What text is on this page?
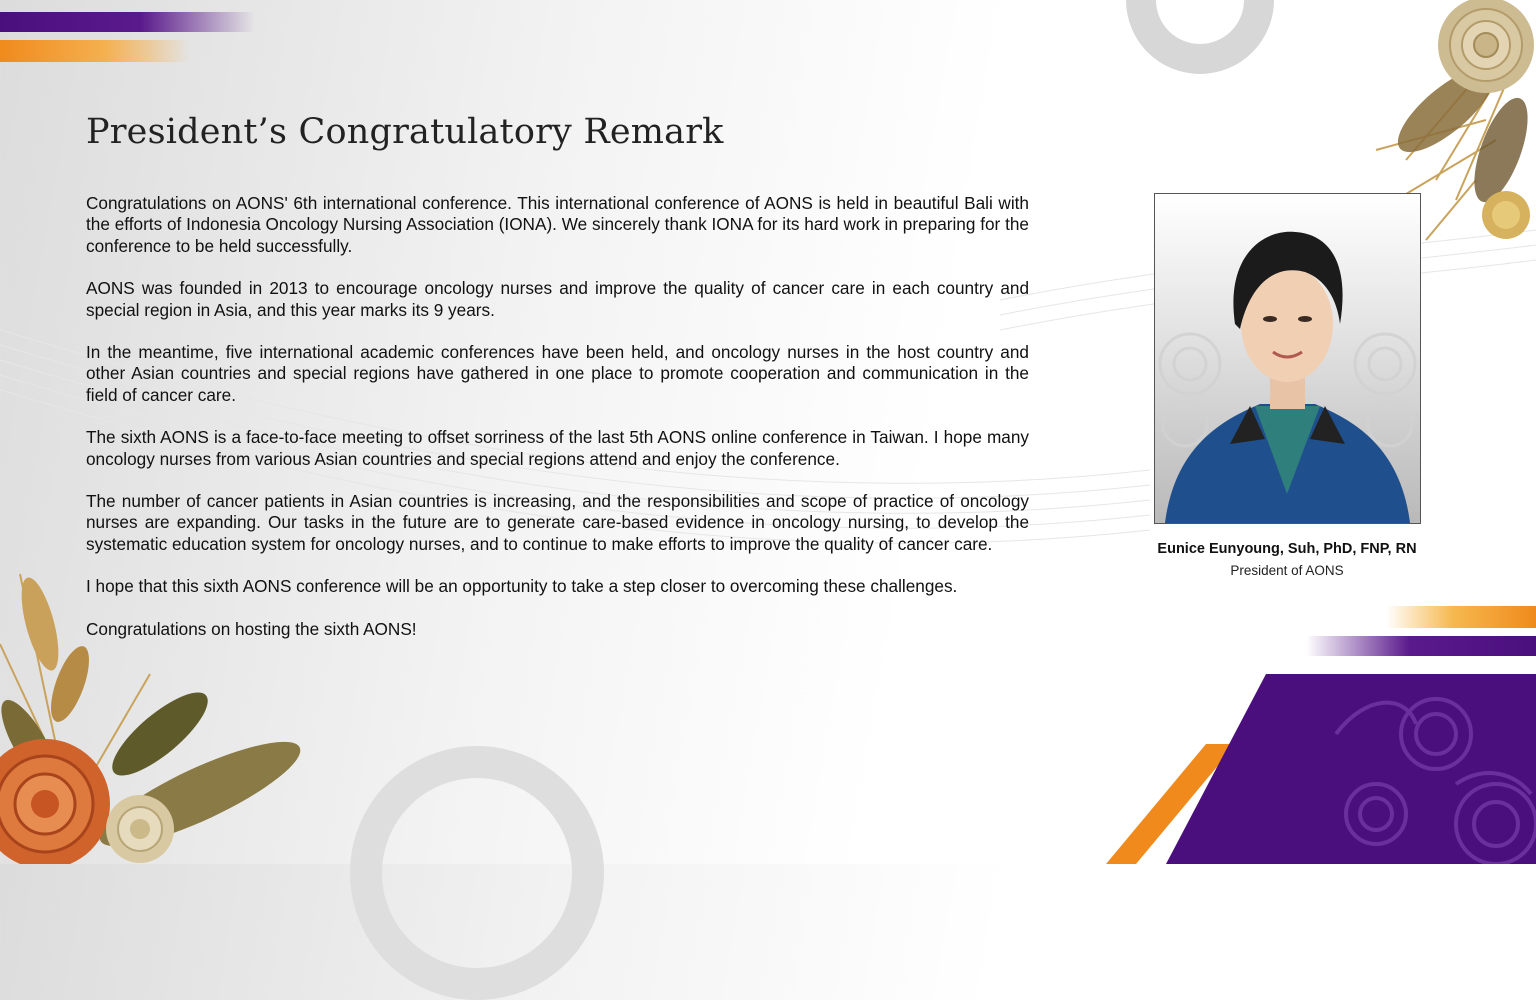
President’s Congratulatory Remark

Congratulations on AONS' 6th international conference. This international conference of AONS is held in beautiful Bali with the efforts of Indonesia Oncology Nursing Association (IONA). We sincerely thank IONA for its hard work in preparing for the conference to be held successfully.

AONS was founded in 2013 to encourage oncology nurses and improve the quality of cancer care in each country and special region in Asia, and this year marks its 9 years.

In the meantime, five international academic conferences have been held, and oncology nurses in the host country and other Asian countries and special regions have gathered in one place to promote cooperation and communication in the field of cancer care.

The sixth AONS is a face-to-face meeting to offset sorriness of the last 5th AONS online conference in Taiwan. I hope many oncology nurses from various Asian countries and special regions attend and enjoy the conference.

The number of cancer patients in Asian countries is increasing, and the responsibilities and scope of practice of oncology nurses are expanding. Our tasks in the future are to generate care-based evidence in oncology nursing, to develop the systematic education system for oncology nurses, and to continue to make efforts to improve the quality of cancer care.

I hope that this sixth AONS conference will be an opportunity to take a step closer to overcoming these challenges.

Congratulations on hosting the sixth AONS!

Eunice Eunyoung, Suh, PhD, FNP, RN
President of AONS
